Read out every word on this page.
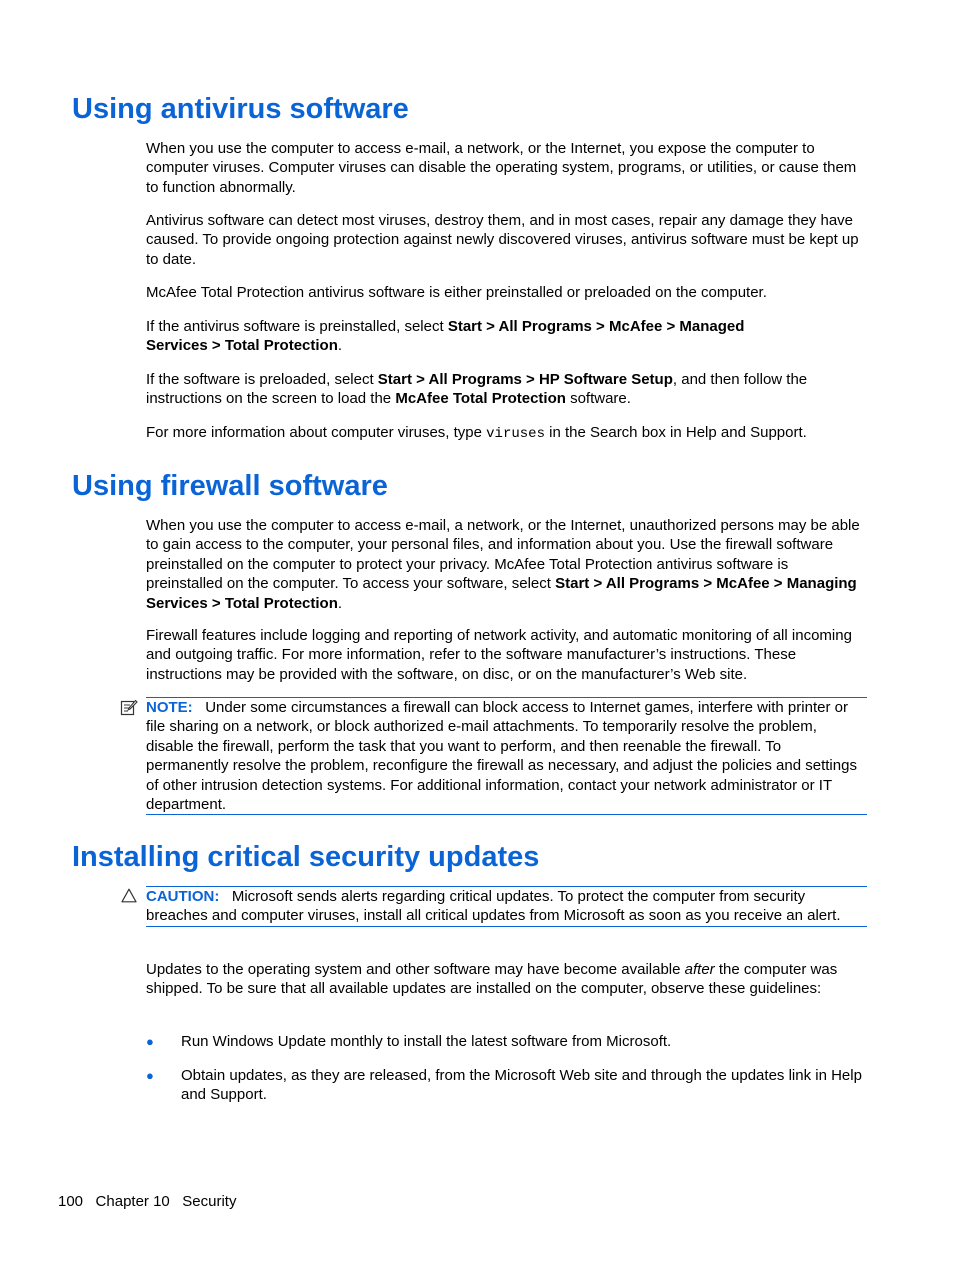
Using antivirus software

When you use the computer to access e-mail, a network, or the Internet, you expose the computer to computer viruses. Computer viruses can disable the operating system, programs, or utilities, or cause them to function abnormally.

Antivirus software can detect most viruses, destroy them, and in most cases, repair any damage they have caused. To provide ongoing protection against newly discovered viruses, antivirus software must be kept up to date.

McAfee Total Protection antivirus software is either preinstalled or preloaded on the computer.

If the antivirus software is preinstalled, select Start > All Programs > McAfee > Managed Services > Total Protection.

If the software is preloaded, select Start > All Programs > HP Software Setup, and then follow the instructions on the screen to load the McAfee Total Protection software.

For more information about computer viruses, type viruses in the Search box in Help and Support.

Using firewall software

When you use the computer to access e-mail, a network, or the Internet, unauthorized persons may be able to gain access to the computer, your personal files, and information about you. Use the firewall software preinstalled on the computer to protect your privacy. McAfee Total Protection antivirus software is preinstalled on the computer. To access your software, select Start > All Programs > McAfee > Managing Services > Total Protection.

Firewall features include logging and reporting of network activity, and automatic monitoring of all incoming and outgoing traffic. For more information, refer to the software manufacturer’s instructions. These instructions may be provided with the software, on disc, or on the manufacturer’s Web site.

NOTE: Under some circumstances a firewall can block access to Internet games, interfere with printer or file sharing on a network, or block authorized e-mail attachments. To temporarily resolve the problem, disable the firewall, perform the task that you want to perform, and then reenable the firewall. To permanently resolve the problem, reconfigure the firewall as necessary, and adjust the policies and settings of other intrusion detection systems. For additional information, contact your network administrator or IT department.

Installing critical security updates

CAUTION: Microsoft sends alerts regarding critical updates. To protect the computer from security breaches and computer viruses, install all critical updates from Microsoft as soon as you receive an alert.

Updates to the operating system and other software may have become available after the computer was shipped. To be sure that all available updates are installed on the computer, observe these guidelines:

● Run Windows Update monthly to install the latest software from Microsoft.

● Obtain updates, as they are released, from the Microsoft Web site and through the updates link in Help and Support.

100 Chapter 10 Security
